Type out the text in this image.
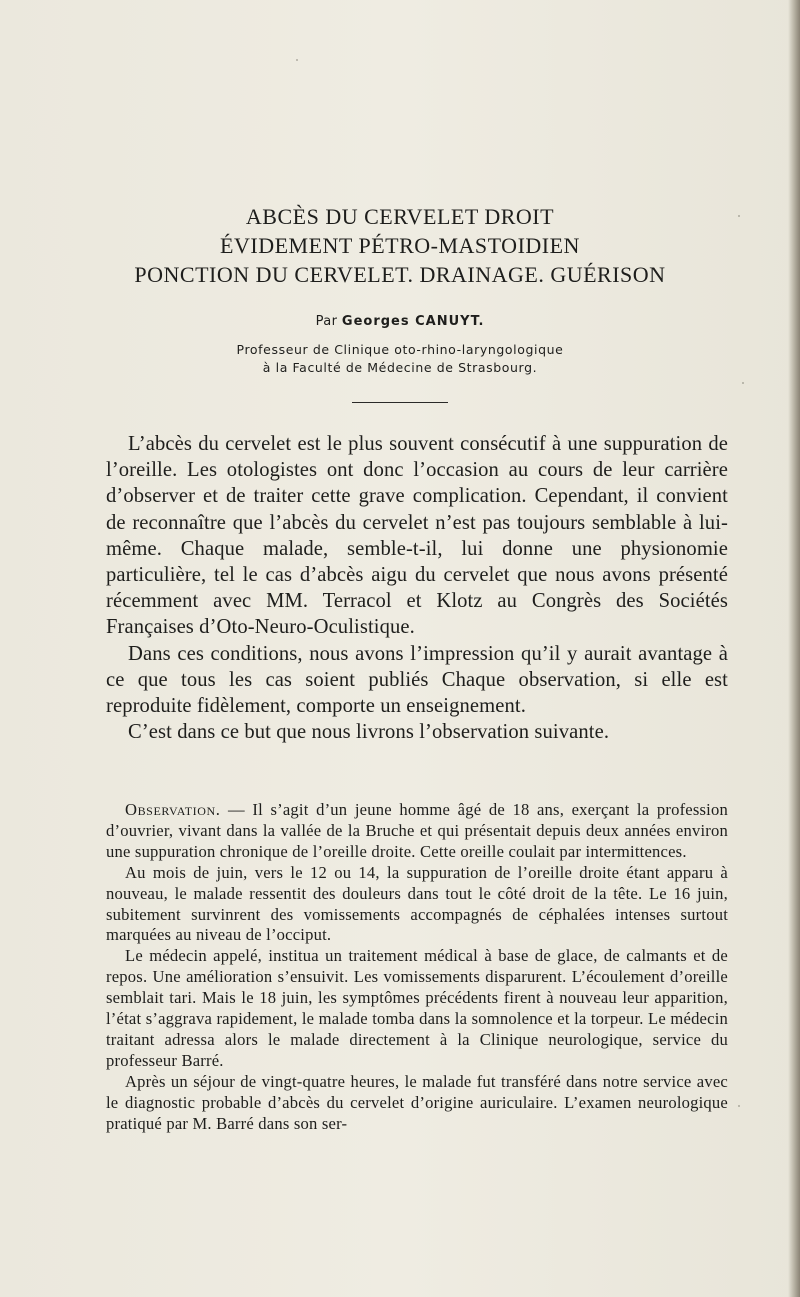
ABCÈS DU CERVELET DROIT
ÉVIDEMENT PÉTRO-MASTOIDIEN
PONCTION DU CERVELET. DRAINAGE. GUÉRISON
Par Georges CANUYT.
Professeur de Clinique oto-rhino-laryngologique
à la Faculté de Médecine de Strasbourg.

L’abcès du cervelet est le plus souvent consécutif à une suppuration de l’oreille. Les otologistes ont donc l’occasion au cours de leur carrière d’observer et de traiter cette grave complication. Cependant, il convient de reconnaître que l’abcès du cervelet n’est pas toujours semblable à lui-même. Chaque malade, semble-t-il, lui donne une physionomie particulière, tel le cas d’abcès aigu du cervelet que nous avons présenté récemment avec MM. Terracol et Klotz au Congrès des Sociétés Françaises d’Oto-Neuro-Oculistique.

Dans ces conditions, nous avons l’impression qu’il y aurait avantage à ce que tous les cas soient publiés Chaque observation, si elle est reproduite fidèlement, comporte un enseignement.

C’est dans ce but que nous livrons l’observation suivante.

Observation. — Il s’agit d’un jeune homme âgé de 18 ans, exerçant la profession d’ouvrier, vivant dans la vallée de la Bruche et qui présentait depuis deux années environ une suppuration chronique de l’oreille droite. Cette oreille coulait par intermittences.

Au mois de juin, vers le 12 ou 14, la suppuration de l’oreille droite étant apparu à nouveau, le malade ressentit des douleurs dans tout le côté droit de la tête. Le 16 juin, subitement survinrent des vomissements accompagnés de céphalées intenses surtout marquées au niveau de l’occiput.

Le médecin appelé, institua un traitement médical à base de glace, de calmants et de repos. Une amélioration s’ensuivit. Les vomissements disparurent. L’écoulement d’oreille semblait tari. Mais le 18 juin, les symptômes précédents firent à nouveau leur apparition, l’état s’aggrava rapidement, le malade tomba dans la somnolence et la torpeur. Le médecin traitant adressa alors le malade directement à la Clinique neurologique, service du professeur Barré.

Après un séjour de vingt-quatre heures, le malade fut transféré dans notre service avec le diagnostic probable d’abcès du cervelet d’origine auriculaire. L’examen neurologique pratiqué par M. Barré dans son ser-
